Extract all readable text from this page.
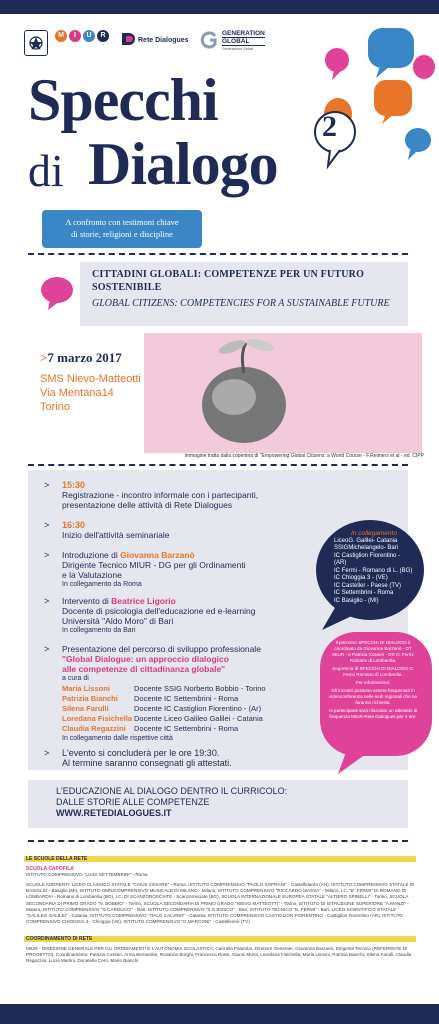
M	I	U	R
Rete Dialogues
GENERATION
GLOBAL
Generazione Global
Specchi
di Dialogo
2
A confronto con testimoni chiave
di storie, religioni e discipline
CITTADINI GLOBALI: COMPETENZE PER UN FUTURO SOSTENIBILE
GLOBAL CITIZENS: COMPETENCIES FOR A SUSTAINABLE FUTURE
>7 marzo 2017
SMS Nievo-Matteotti
Via Mentana14
Torino
Immagine tratta dalla copertina di "Empowering Global Citizens: a World Course - F.Reimers et al - ed. CIPP
> 15:30
Registrazione - incontro informale con i partecipanti,
presentazione delle attività di Rete Dialogues
> 16:30
Inizio dell'attività seminariale
> Introduzione di Giovanna Barzanò
Dirigente Tecnico MIUR - DG per gli Ordinamenti
e la Valutazione
In collegamento da Roma
> Intervento di Beatrice Ligorio
Docente di psicologia dell'educazione ed e-learning
Università "Aldo Moro" di Bari
In collegamento da Bari
> Presentazione del percorso di sviluppo professionale
"Global Dialogue: un approccio dialogico
alle competenze di cittadinanza globale"
a cura di
Maria Lissoni	Docente SSIG Norberto Bobbio - Torino
Patrizia Bianchi	Docente IC Settembrini - Roma
Silena Farulli	Docente IC Castiglion Fiorentino - (Ar)
Loredana Fisichella Docente Liceo Galileo Galilei - Catania
Claudia Regazzini	Docente IC Settembrini - Roma
In collegamento dalle rispettive città
> L'evento si concluderà per le ore 19:30.
Al termine saranno consegnati gli attestati.
In collegamento
LiceoG. Galilei- Catania
SSIGMichelangelo- Bari
IC Castiglion Fiorentino - (AR)
IC Fermi - Romano di L. (BG)
IC Chioggia 3 - (VE)
IC Casteller - Paese (TV)
IC Settembrini - Roma
IC Basiglio - (MI)
Il percorso SPECCHI DI DIALOGO è coordinato da Giovanna Barzanò - DT MIUR - e Patrizia Cosseri - DS IC Fermi Romano di Lombardia.
Segreteria di SPECCHI DI DIALOGO IC Fermi Romano di Lombardia.
Per informazioni:
Gli incontri possono essere frequentati in videoconferenza nelle sedi regionali che ne faranno richiesta.
Ai partecipanti sarà rilasciato un attestato di frequenza MIUR-Rete Dialogues per 4 ore.
L'EDUCAZIONE AL DIALOGO DENTRO IL CURRICOLO:
DALLE STORIE ALLE COMPETENZE
WWW.RETEDIALOGUES.IT
LE SCUOLE DELLA RETE
SCUOLA CAPOFILA
ISTITUTO COMPRENSIVO "LUIGI SETTEMBRINI" - Roma
SCUOLE ADERENTI: LICEO CLASSICO STATALE "CAIUS CESARE" - Roma, ISTITUTO COMPRENSIVO "PAOLO SOPRANI" - Castelfidardo (AN), ISTITUTO COMPRENSIVO STATALE DI BASIGLIO - Basiglio (MI), ISTITUTO OMNICOMPRENSIVO MUSICALE DI MILANO - Milano, ISTITUTO COMPRENSIVO "RICCARDO MASSA" - Milano, I.C. "E. FERMI" DI ROMANO DI LOMBARDIA - Romano di Lombardia (BG), I.C. DI SCANZOROSCIATE - Scanzorosciate (BG), SCUOLA INTERNAZIONALE EUROPEA STATALE "ALTIERO SPINELLI" - Torino, SCUOLA SECONDARIA DI PRIMO GRADO "N. BOBBIO" - Torino, SCUOLA SECONDARIA DI PRIMO GRADO "NIEVO MATTEOTTI" - Torino, ISTITUTO DI ISTRUZIONE SUPERIORE "A.MANZI" - Matera, ISTITUTO COMPRENSIVO "G.CARDUCCI" - Bari, ISTITUTO COMPRENSIVO "S.G.BOSCO" - Bari, ISTITUTO TECNICO "E. FERMI" - Bari, LICEO SCIENTIFICO STATALE "GALILEO GALILEI" - Catania, ISTITUTO COMPRENSIVO "ITALO CALVINO" - Catania, ISTITUTO COMPRENSIVO CASTIGLION FIORENTINO - Castiglion Fiorentino (AR), ISTITUTO COMPRENSIVO CHIOGGIA 3 - Chioggia (VE), ISTITUTO COMPRENSIVO "G.MARCONI" - Castelleone (TV)
COORDINAMENTO DI RETE
MIUR - DIREZIONE GENERALE PER GLI ORDINAMENTI E L'AUTONOMIA SCOLASTICA: Carmela Palumbo, Direttore Generale; Giovanna Barzanò, Dirigente Tecnico (REFERENTE DI PROGETTO). Coordinamento: Patrizia Cosseri, Anna Bernardini, Rosanna Borghi, Francesca Rossi, Gianni Monti, Loredana Fisichella, Maria Lissoni, Patrizia Bianchi, Silena Farulli, Claudia Regazzini, Lucia Martini, Donatella Cerri, Mario Bianchi.
